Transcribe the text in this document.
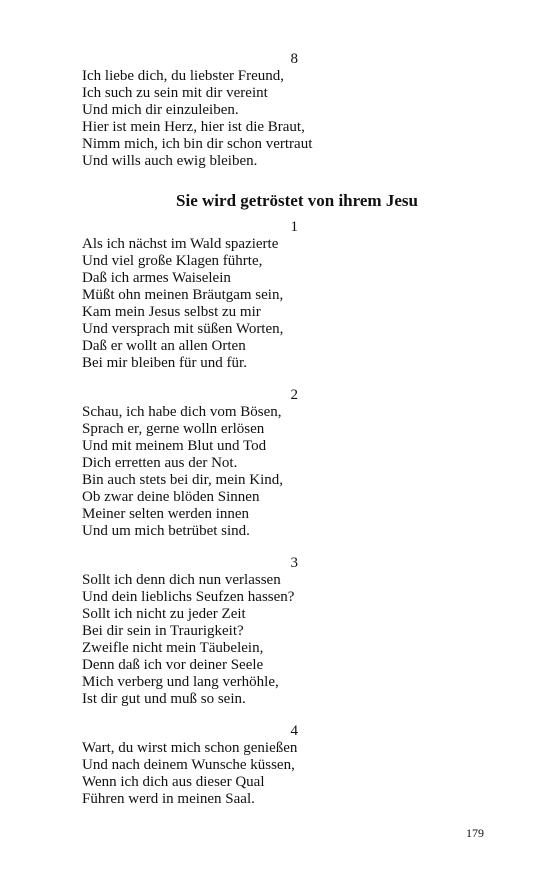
8
Ich liebe dich, du liebster Freund,
Ich such zu sein mit dir vereint
Und mich dir einzuleiben.
Hier ist mein Herz, hier ist die Braut,
Nimm mich, ich bin dir schon vertraut
Und wills auch ewig bleiben.
Sie wird getröstet von ihrem Jesu
1
Als ich nächst im Wald spazierte
Und viel große Klagen führte,
Daß ich armes Waiselein
Müßt ohn meinen Bräutgam sein,
Kam mein Jesus selbst zu mir
Und versprach mit süßen Worten,
Daß er wollt an allen Orten
Bei mir bleiben für und für.
2
Schau, ich habe dich vom Bösen,
Sprach er, gerne wolln erlösen
Und mit meinem Blut und Tod
Dich erretten aus der Not.
Bin auch stets bei dir, mein Kind,
Ob zwar deine blöden Sinnen
Meiner selten werden innen
Und um mich betrübet sind.
3
Sollt ich denn dich nun verlassen
Und dein lieblichs Seufzen hassen?
Sollt ich nicht zu jeder Zeit
Bei dir sein in Traurigkeit?
Zweifle nicht mein Täubelein,
Denn daß ich vor deiner Seele
Mich verberg und lang verhöhle,
Ist dir gut und muß so sein.
4
Wart, du wirst mich schon genießen
Und nach deinem Wunsche küssen,
Wenn ich dich aus dieser Qual
Führen werd in meinen Saal.
179
